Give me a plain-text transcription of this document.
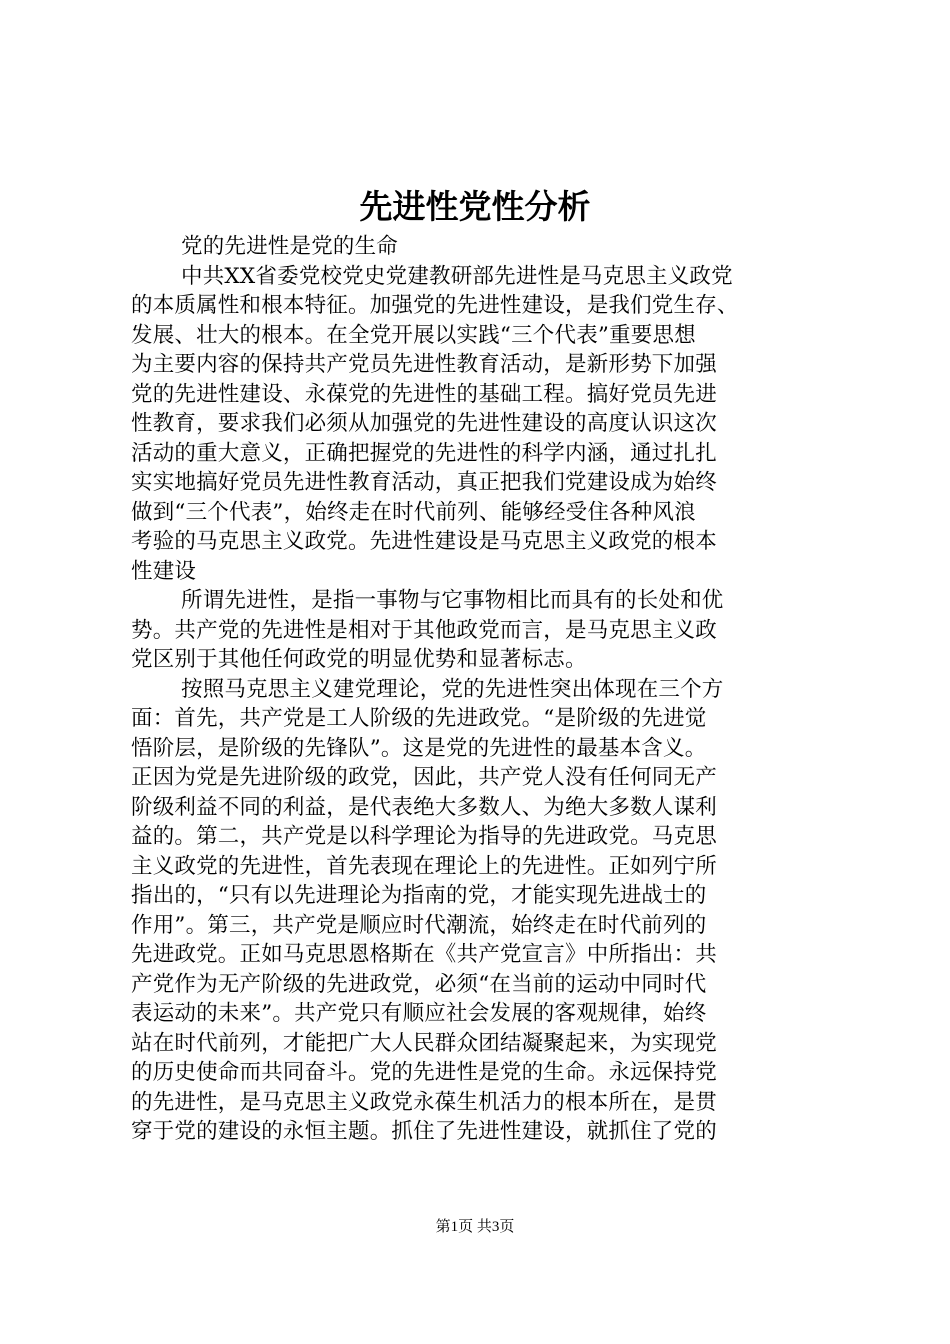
先进性党性分析
党的先进性是党的生命
中共XX省委党校党史党建教研部先进性是马克思主义政党
的本质属性和根本特征。加强党的先进性建设，是我们党生存、
发展、壮大的根本。在全党开展以实践“三个代表”重要思想
为主要内容的保持共产党员先进性教育活动，是新形势下加强
党的先进性建设、永葆党的先进性的基础工程。搞好党员先进
性教育，要求我们必须从加强党的先进性建设的高度认识这次
活动的重大意义，正确把握党的先进性的科学内涵，通过扎扎
实实地搞好党员先进性教育活动，真正把我们党建设成为始终
做到“三个代表”，始终走在时代前列、能够经受住各种风浪
考验的马克思主义政党。先进性建设是马克思主义政党的根本
性建设
所谓先进性，是指一事物与它事物相比而具有的长处和优
势。共产党的先进性是相对于其他政党而言，是马克思主义政
党区别于其他任何政党的明显优势和显著标志。
按照马克思主义建党理论，党的先进性突出体现在三个方
面：首先，共产党是工人阶级的先进政党。“是阶级的先进觉
悟阶层，是阶级的先锋队”。这是党的先进性的最基本含义。
正因为党是先进阶级的政党，因此，共产党人没有任何同无产
阶级利益不同的利益，是代表绝大多数人、为绝大多数人谋利
益的。第二，共产党是以科学理论为指导的先进政党。马克思
主义政党的先进性，首先表现在理论上的先进性。正如列宁所
指出的，“只有以先进理论为指南的党，才能实现先进战士的
作用”。第三，共产党是顺应时代潮流，始终走在时代前列的
先进政党。正如马克思恩格斯在《共产党宣言》中所指出：共
产党作为无产阶级的先进政党，必须“在当前的运动中同时代
表运动的未来”。共产党只有顺应社会发展的客观规律，始终
站在时代前列，才能把广大人民群众团结凝聚起来，为实现党
的历史使命而共同奋斗。党的先进性是党的生命。永远保持党
的先进性，是马克思主义政党永葆生机活力的根本所在，是贯
穿于党的建设的永恒主题。抓住了先进性建设，就抓住了党的
第1页 共3页
